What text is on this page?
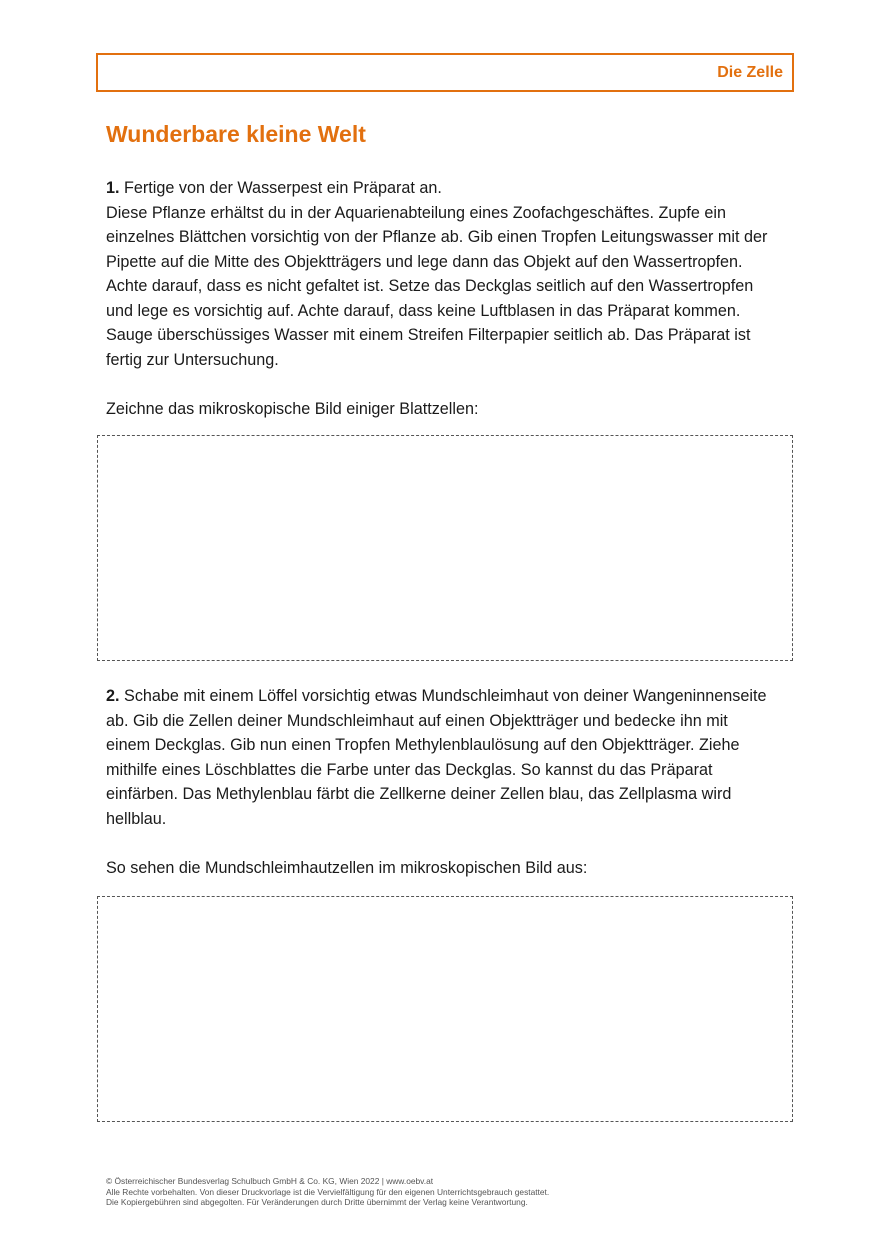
Die Zelle
Wunderbare kleine Welt
1. Fertige von der Wasserpest ein Präparat an.
Diese Pflanze erhältst du in der Aquarienabteilung eines Zoofachgeschäftes. Zupfe ein
einzelnes Blättchen vorsichtig von der Pflanze ab. Gib einen Tropfen Leitungswasser mit der
Pipette auf die Mitte des Objektträgers und lege dann das Objekt auf den Wassertropfen.
Achte darauf, dass es nicht gefaltet ist. Setze das Deckglas seitlich auf den Wassertropfen
und lege es vorsichtig auf. Achte darauf, dass keine Luftblasen in das Präparat kommen.
Sauge überschüssiges Wasser mit einem Streifen Filterpapier seitlich ab. Das Präparat ist
fertig zur Untersuchung.
Zeichne das mikroskopische Bild einiger Blattzellen:
2. Schabe mit einem Löffel vorsichtig etwas Mundschleimhaut von deiner Wangeninnenseite
ab. Gib die Zellen deiner Mundschleimhaut auf einen Objektträger und bedecke ihn mit
einem Deckglas. Gib nun einen Tropfen Methylenblaulösung auf den Objektträger. Ziehe
mithilfe eines Löschblattes die Farbe unter das Deckglas. So kannst du das Präparat
einfärben. Das Methylenblau färbt die Zellkerne deiner Zellen blau, das Zellplasma wird
hellblau.
So sehen die Mundschleimhautzellen im mikroskopischen Bild aus:
© Österreichischer Bundesverlag Schulbuch GmbH & Co. KG, Wien 2022 | www.oebv.at
Alle Rechte vorbehalten. Von dieser Druckvorlage ist die Vervielfältigung für den eigenen Unterrichtsgebrauch gestattet.
Die Kopiergebühren sind abgegolten. Für Veränderungen durch Dritte übernimmt der Verlag keine Verantwortung.
